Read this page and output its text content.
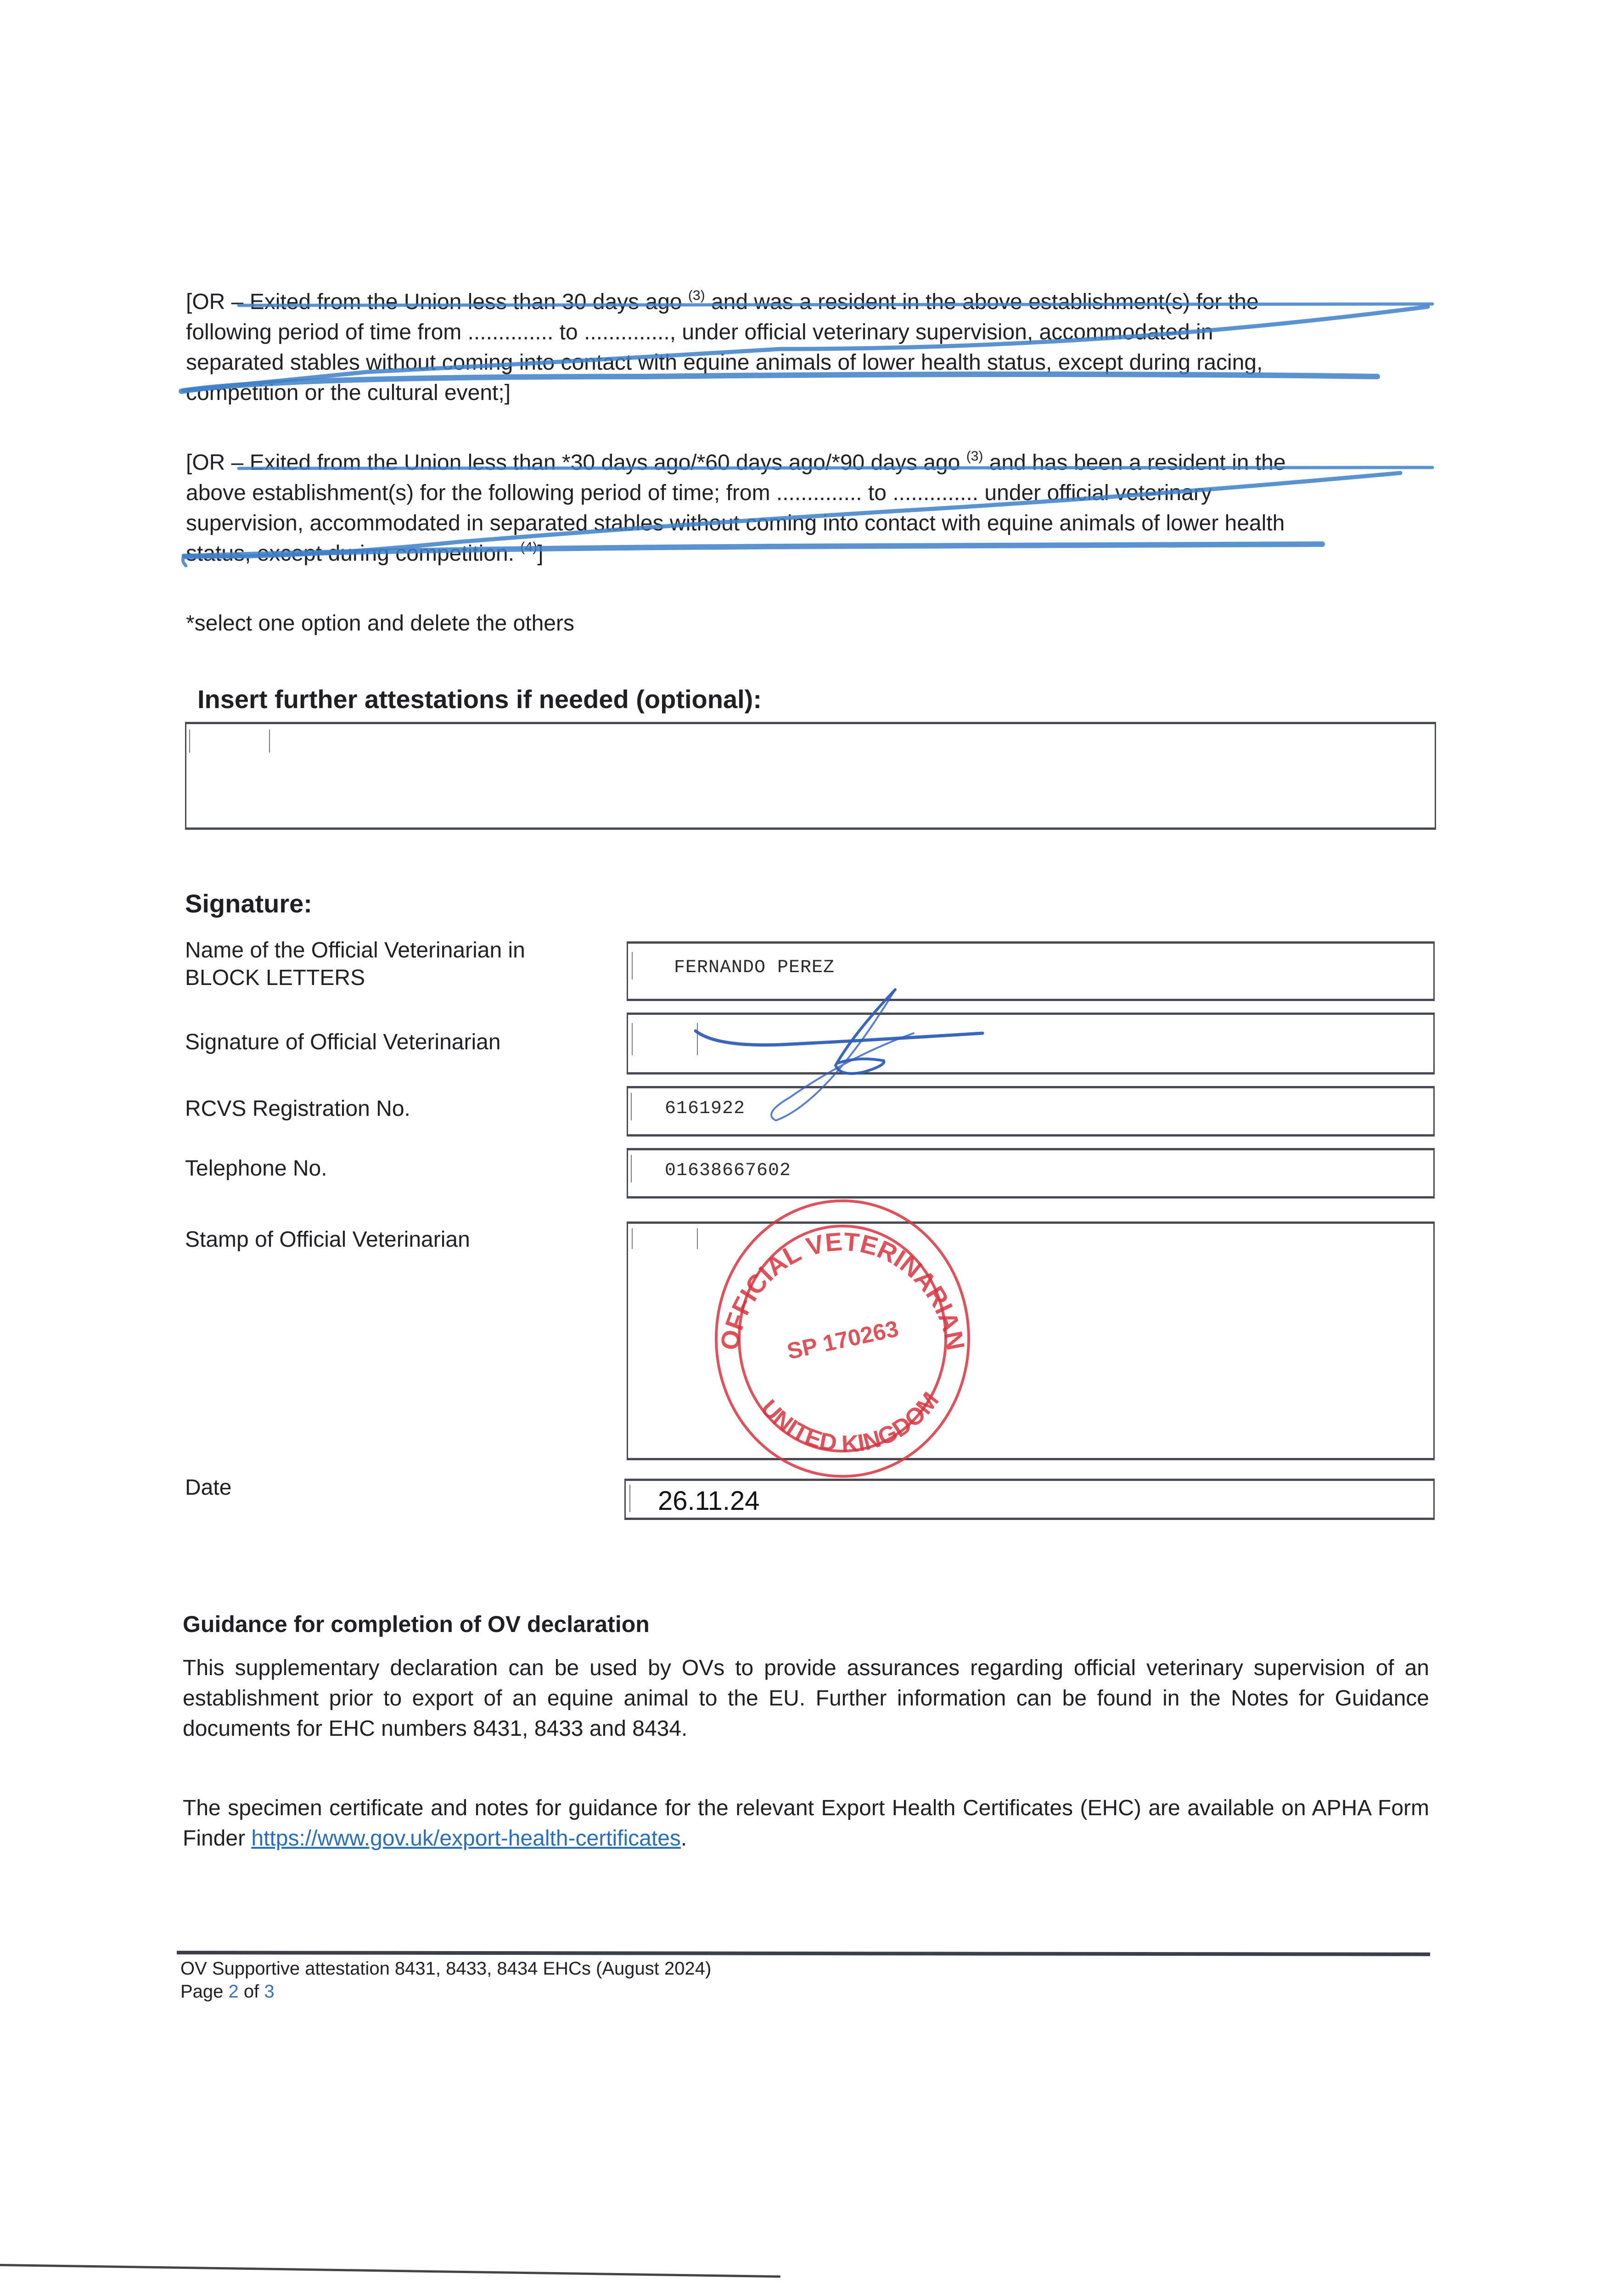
[OR – Exited from the Union less than 30 days ago $^{(3)}$ and was a resident in the above establishment(s) for the
following period of time from .............. to .............., under official veterinary supervision, accommodated in
separated stables without coming into contact with equine animals of lower health status, except during racing,
competition or the cultural event;]
[OR – Exited from the Union less than *30 days ago/*60 days ago/*90 days ago $^{(3)}$ and has been a resident in the
above establishment(s) for the following period of time; from .............. to .............. under official veterinary
supervision, accommodated in separated stables without coming into contact with equine animals of lower health
status, except during competition. $^{(4)}$]
*select one option and delete the others
Insert further attestations if needed (optional):
Signature:
Name of the Official Veterinarian in
BLOCK LETTERS	FERNANDO PEREZ
Signature of Official Veterinarian
RCVS Registration No.	6161922
Telephone No.	01638667602
Stamp of Official Veterinarian
Date	26.11.24
Guidance for completion of OV declaration
This supplementary declaration can be used by OVs to provide assurances regarding official veterinary supervision of an establishment prior to export of an equine animal to the EU. Further information can be found in the Notes for Guidance documents for EHC numbers 8431, 8433 and 8434.
The specimen certificate and notes for guidance for the relevant Export Health Certificates (EHC) are available on APHA Form Finder https://www.gov.uk/export-health-certificates.
OV Supportive attestation 8431, 8433, 8434 EHCs (August 2024)
Page 2 of 3
OFFICIAL VETERINARIAN
UNITED KINGDOM
SP 170263
